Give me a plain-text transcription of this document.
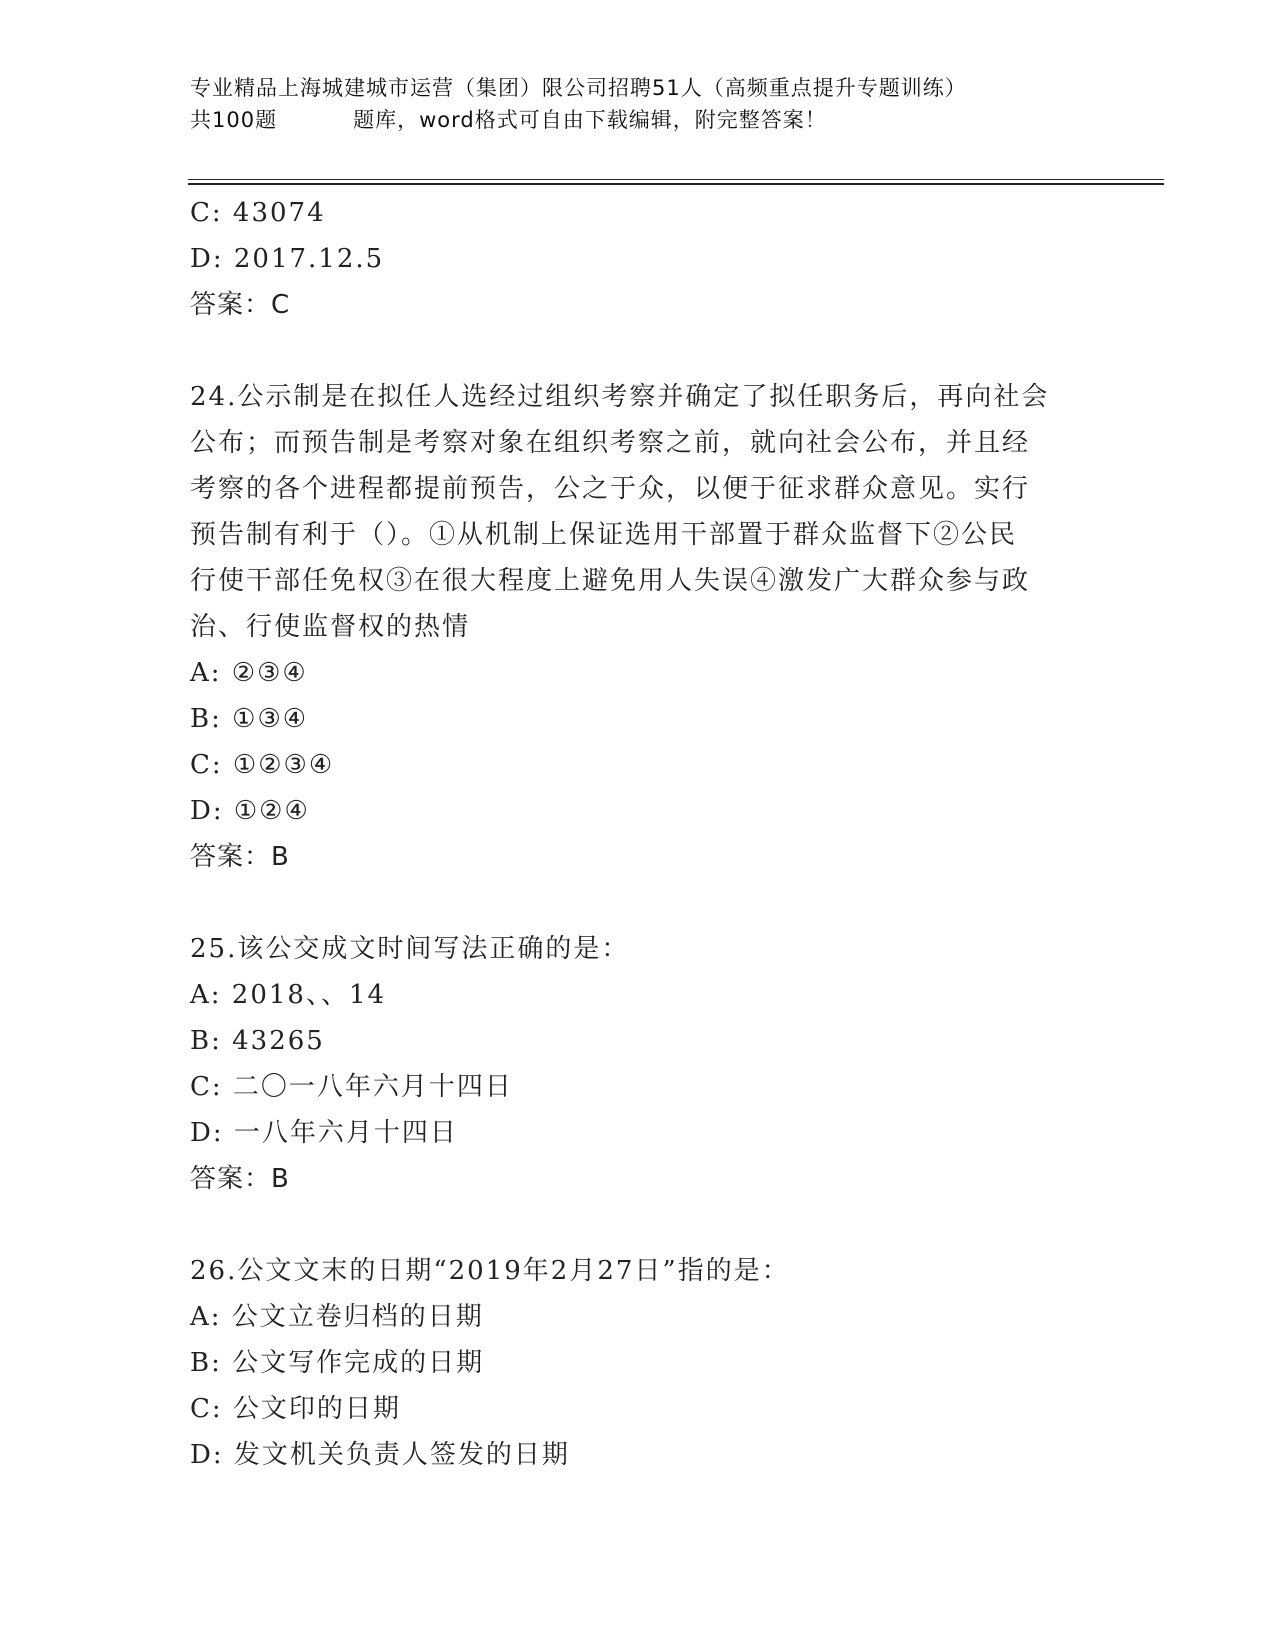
专业精品上海城建城市运营（集团）限公司招聘51人（高频重点提升专题训练）
共100题	题库，word格式可自由下载编辑，附完整答案！
C: 43074
D: 2017.12.5
答案：C
24.公示制是在拟任人选经过组织考察并确定了拟任职务后，再向社会
公布；而预告制是考察对象在组织考察之前，就向社会公布，并且经
考察的各个进程都提前预告，公之于众，以便于征求群众意见。实行
预告制有利于（）。①从机制上保证选用干部置于群众监督下②公民
行使干部任免权③在很大程度上避免用人失误④激发广大群众参与政
治、行使监督权的热情
A: ②③④
B: ①③④
C: ①②③④
D: ①②④
答案：B
25.该公交成文时间写法正确的是：
A: 2018、、14
B: 43265
C: 二〇一八年六月十四日
D: 一八年六月十四日
答案：B
26.公文文末的日期“2019年2月27日”指的是：
A: 公文立卷归档的日期
B: 公文写作完成的日期
C: 公文印的日期
D: 发文机关负责人签发的日期
